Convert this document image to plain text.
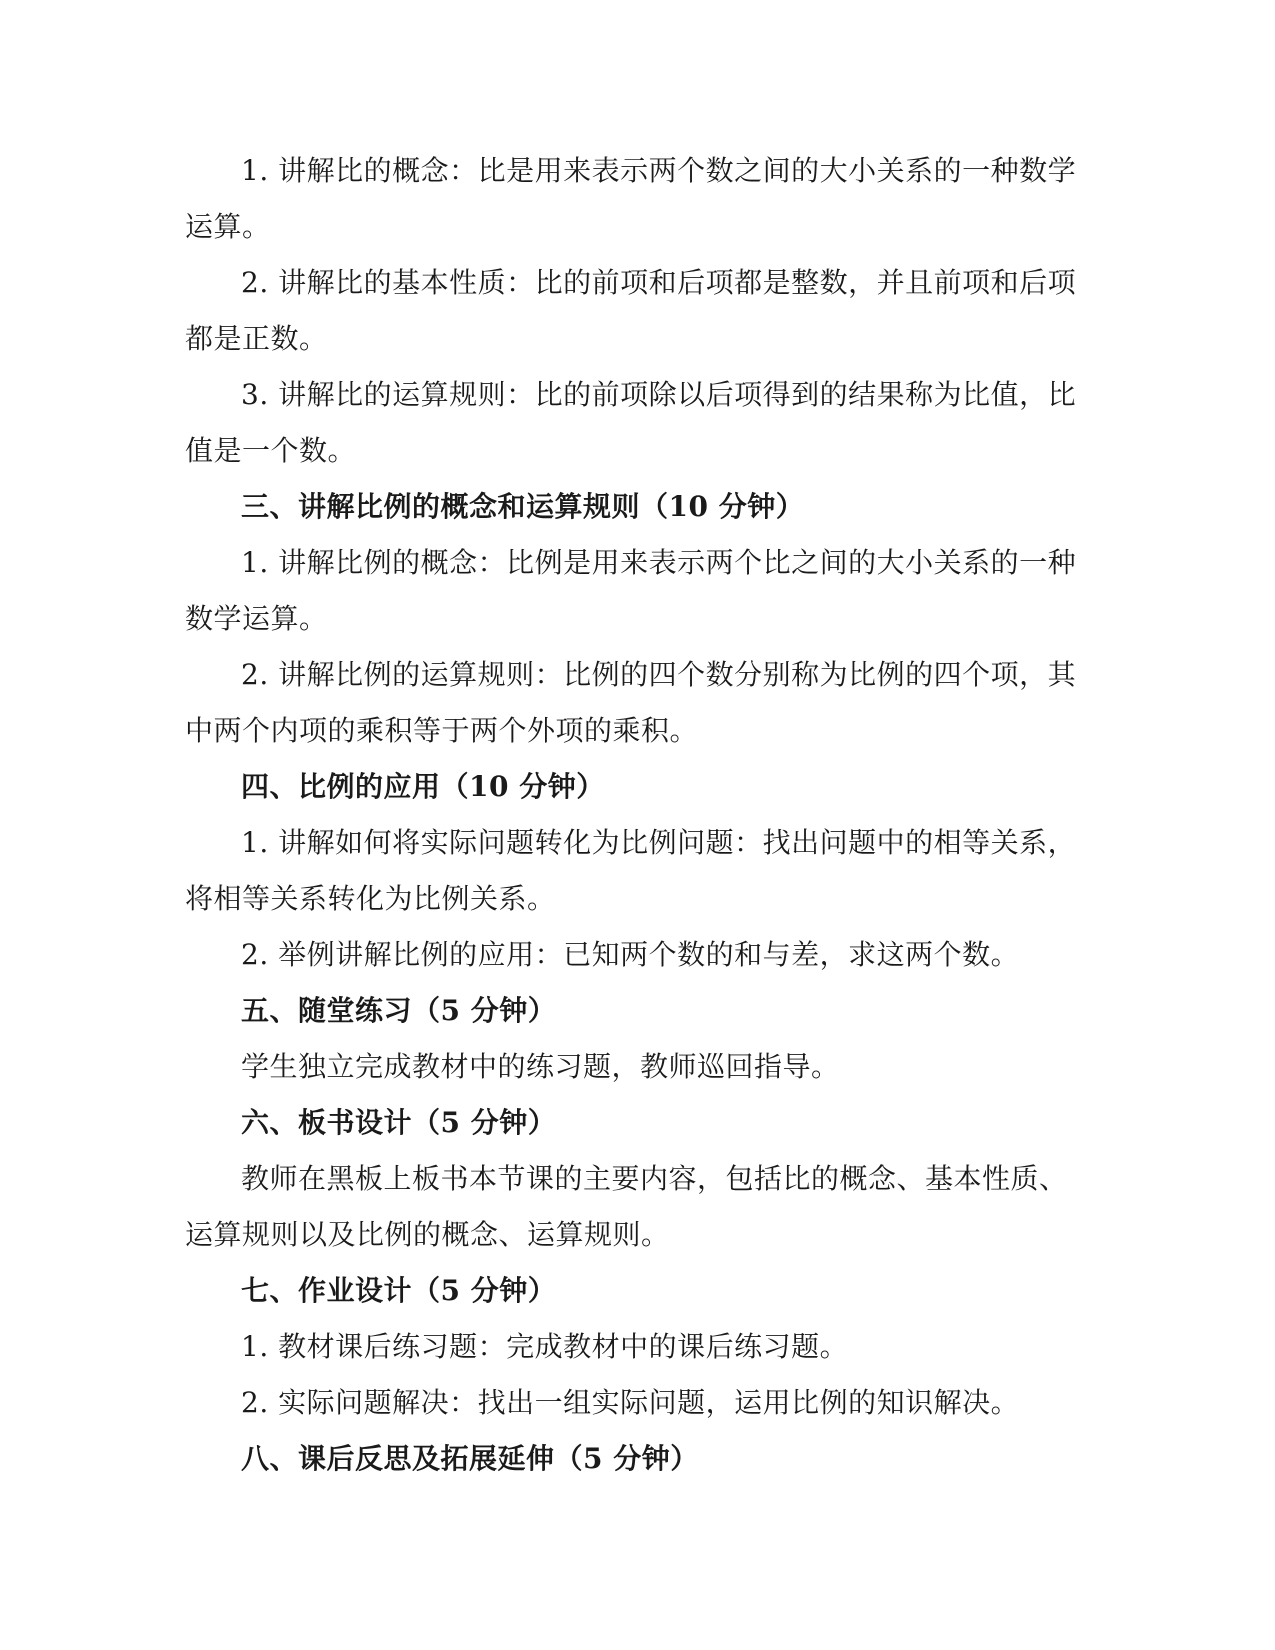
1. 讲解比的概念：比是用来表示两个数之间的大小关系的一种数学运算。

2. 讲解比的基本性质：比的前项和后项都是整数，并且前项和后项都是正数。

3. 讲解比的运算规则：比的前项除以后项得到的结果称为比值，比值是一个数。

三、讲解比例的概念和运算规则（10 分钟）

1. 讲解比例的概念：比例是用来表示两个比之间的大小关系的一种数学运算。

2. 讲解比例的运算规则：比例的四个数分别称为比例的四个项，其中两个内项的乘积等于两个外项的乘积。

四、比例的应用（10 分钟）

1. 讲解如何将实际问题转化为比例问题：找出问题中的相等关系，将相等关系转化为比例关系。

2. 举例讲解比例的应用：已知两个数的和与差，求这两个数。

五、随堂练习（5 分钟）

学生独立完成教材中的练习题，教师巡回指导。

六、板书设计（5 分钟）

教师在黑板上板书本节课的主要内容，包括比的概念、基本性质、运算规则以及比例的概念、运算规则。

七、作业设计（5 分钟）

1. 教材课后练习题：完成教材中的课后练习题。

2. 实际问题解决：找出一组实际问题，运用比例的知识解决。

八、课后反思及拓展延伸（5 分钟）
